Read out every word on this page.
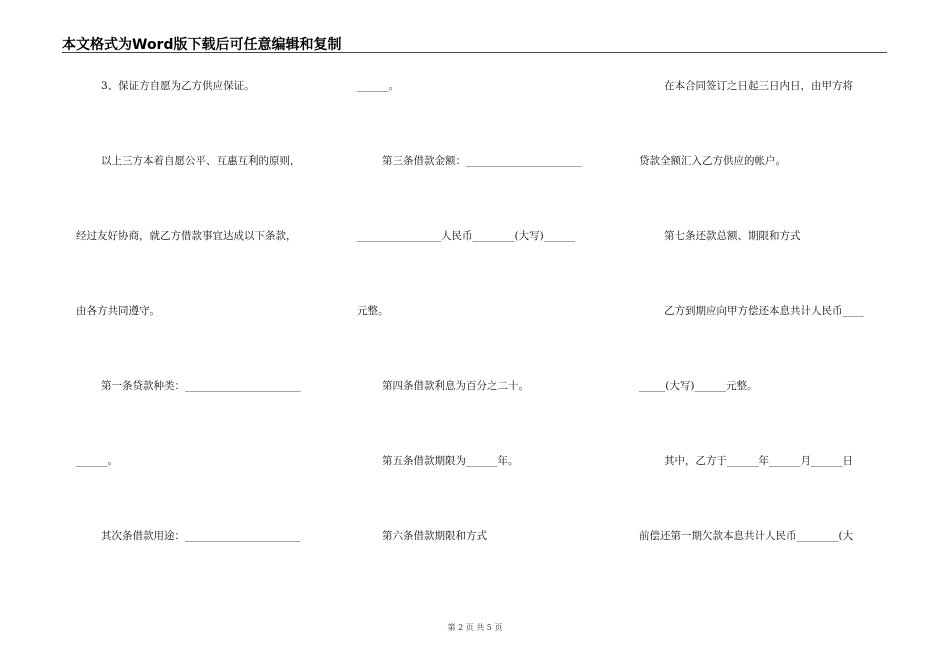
本文格式为Word版下载后可任意编辑和复制
3、保证方自愿为乙方供应保证。
以上三方本着自愿公平、互惠互利的原则，
经过友好协商，就乙方借款事宜达成以下条款，
由各方共同遵守。
第一条贷款种类：______________________
______。
其次条借款用途：______________________
______。
第三条借款金额：______________________
________________人民币________(大写)______
元整。
第四条借款利息为百分之二十。
第五条借款期限为______年。
第六条借款期限和方式
在本合同签订之日起三日内日，由甲方将
贷款全额汇入乙方供应的帐户。
第七条还款总额、期限和方式
乙方到期应向甲方偿还本息共计人民币____
_____(大写)______元整。
其中，乙方于______年______月______日
前偿还第一期欠款本息共计人民币________(大
第 2 页 共 5 页
